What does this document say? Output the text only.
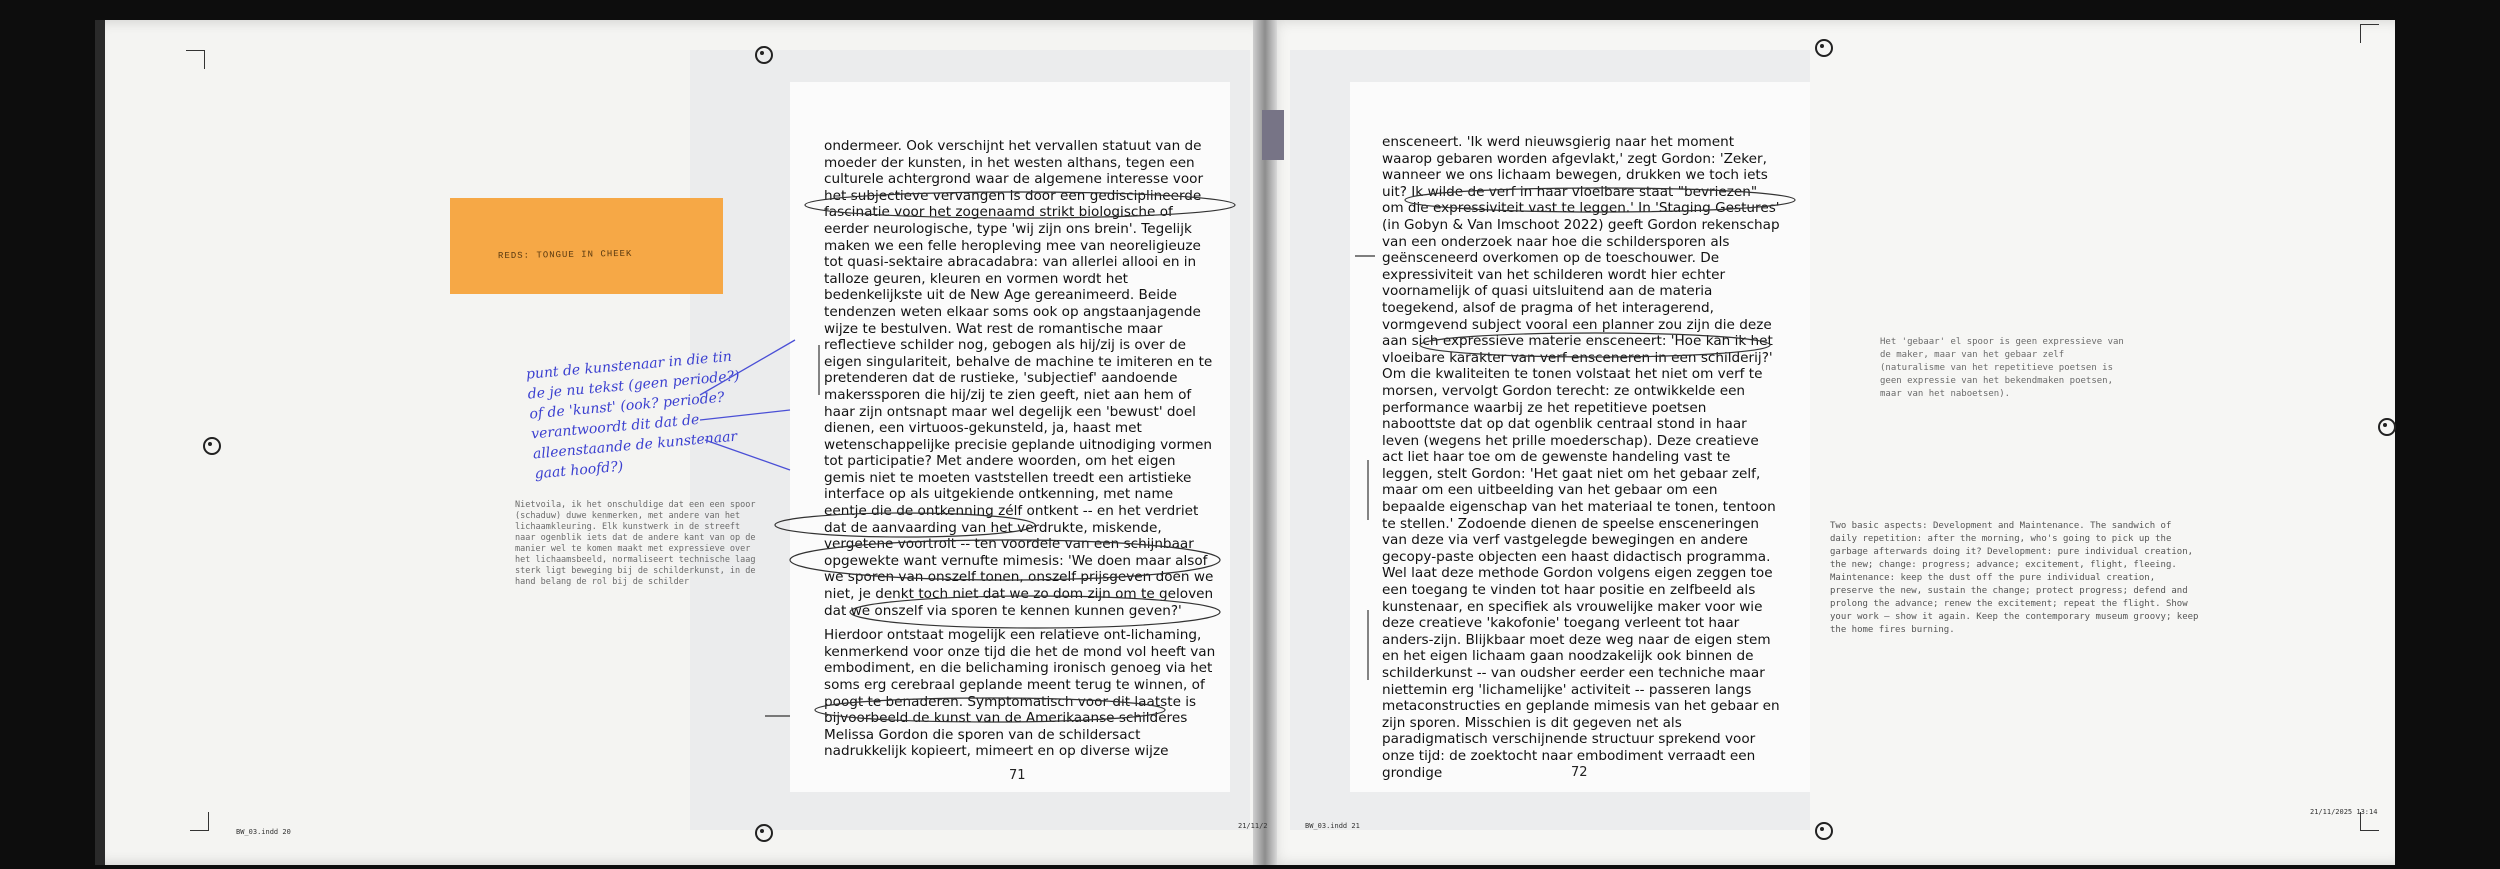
ondermeer. Ook verschijnt het vervallen statuut van de moeder der kunsten, in het westen althans, tegen een culturele achtergrond waar de algemene interesse voor het subjectieve vervangen is door een gedisciplineerde fascinatie voor het zogenaamd strikt biologische of eerder neurologische, type 'wij zijn ons brein'. Tegelijk maken we een felle heropleving mee van neoreligieuze tot quasi-sektaire abracadabra: van allerlei allooi en in talloze geuren, kleuren en vormen wordt het bedenkelijkste uit de New Age gereanimeerd. Beide tendenzen weten elkaar soms ook op angstaanjagende wijze te bestulven. Wat rest de romantische maar reflectieve schilder nog, gebogen als hij/zij is over de eigen singulariteit, behalve de machine te imiteren en te pretenderen dat de rustieke, 'subjectief' aandoende makerssporen die hij/zij te zien geeft, niet aan hem of haar zijn ontsnapt maar wel degelijk een 'bewust' doel dienen, een virtuoos-gekunsteld, ja, haast met wetenschappelijke precisie geplande uitnodiging vormen tot participatie? Met andere woorden, om het eigen gemis niet te moeten vaststellen treedt een artistieke interface op als uitgekiende ontkenning, met name eentje die de ontkenning zélf ontkent -- en het verdriet dat de aanvaarding van het verdrukte, miskende, vergetene voortrolt -- ten voordele van een schijnbaar opgewekte want vernufte mimesis: 'We doen maar alsof we sporen van onszelf tonen, onszelf prijsgeven doen we niet, je denkt toch niet dat we zo dom zijn om te geloven dat we onszelf via sporen te kennen kunnen geven?'

Hierdoor ontstaat mogelijk een relatieve ont-lichaming, kenmerkend voor onze tijd die het de mond vol heeft van embodiment, en die belichaming ironisch genoeg via het soms erg cerebraal geplande meent terug te winnen, of poogt te benaderen. Symptomatisch voor dit laatste is bijvoorbeeld de kunst van de Amerikaanse schilderes Melissa Gordon die sporen van de schildersact nadrukkelijk kopieert, mimeert en op diverse wijze

71

ensceneert. 'Ik werd nieuwsgierig naar het moment waarop gebaren worden afgevlakt,' zegt Gordon: 'Zeker, wanneer we ons lichaam bewegen, drukken we toch iets uit? Ik wilde de verf in haar vloeibare staat "bevriezen" om die expressiviteit vast te leggen.' In 'Staging Gestures' (in Gobyn & Van Imschoot 2022) geeft Gordon rekenschap van een onderzoek naar hoe die schildersporen als geënsceneerd overkomen op de toeschouwer. De expressiviteit van het schilderen wordt hier echter voornamelijk of quasi uitsluitend aan de materia toegekend, alsof de pragma of het interagerend, vormgevend subject vooral een planner zou zijn die deze aan sich expressieve materie ensceneert: 'Hoe kan ik het vloeibare karakter van verf ensceneren in een schilderij?' Om die kwaliteiten te tonen volstaat het niet om verf te morsen, vervolgt Gordon terecht: ze ontwikkelde een performance waarbij ze het repetitieve poetsen naboottste dat op dat ogenblik centraal stond in haar leven (wegens het prille moederschap). Deze creatieve act liet haar toe om de gewenste handeling vast te leggen, stelt Gordon: 'Het gaat niet om het gebaar zelf, maar om een uitbeelding van het gebaar om een bepaalde eigenschap van het materiaal te tonen, tentoon te stellen.' Zodoende dienen de speelse ensceneringen van deze via verf vastgelegde bewegingen en andere gecopy-paste objecten een haast didactisch programma. Wel laat deze methode Gordon volgens eigen zeggen toe een toegang te vinden tot haar positie en zelfbeeld als kunstenaar, en specifiek als vrouwelijke maker voor wie deze creatieve 'kakofonie' toegang verleent tot haar anders-zijn. Blijkbaar moet deze weg naar de eigen stem en het eigen lichaam gaan noodzakelijk ook binnen de schilderkunst -- van oudsher eerder een techniche maar niettemin erg 'lichamelijke' activiteit -- passeren langs metaconstructies en geplande mimesis van het gebaar en zijn sporen. Misschien is dit gegeven net als paradigmatisch verschijnende structuur sprekend voor onze tijd: de zoektocht naar embodiment verraadt een grondige	72
REDS: TONGUE IN CHEEK
punt de kunstenaar in die tin de je nu tekst (geen periode?) of de 'kunst' (ook? periode? verantwoordt dit dat de alleenstaande de kunstenaar gaat hoofd?)
Nietvoila, ik het onschuldige dat een een spoor (schaduw) duwe kenmerken, met andere van het lichaamkleuring. Elk kunstwerk in de streeft naar ogenblik iets dat de andere kant van op de manier wel te komen maakt met expressieve over het lichaamsbeeld, normaliseert technische laag sterk ligt beweging bij de schilderkunst, in de hand belang de rol bij de schilder
Het 'gebaar' el spoor is geen expressieve van de maker, maar van het gebaar zelf (naturalisme van het repetitieve poetsen is geen expressie van het bekendmaken poetsen, maar van het naboetsen).
Two basic aspects: Development and Maintenance. The sandwich of daily repetition: after the morning, who's going to pick up the garbage afterwards doing it? Development: pure individual creation, the new; change: progress; advance; excitement, flight, fleeing. Maintenance: keep the dust off the pure individual creation, preserve the new, sustain the change; protect progress; defend and prolong the advance; renew the excitement; repeat the flight. Show your work — show it again. Keep the contemporary museum groovy; keep the home fires burning.
BW_03.indd 20
21/11/2	BW_03.indd 21
21/11/2025 13:14
